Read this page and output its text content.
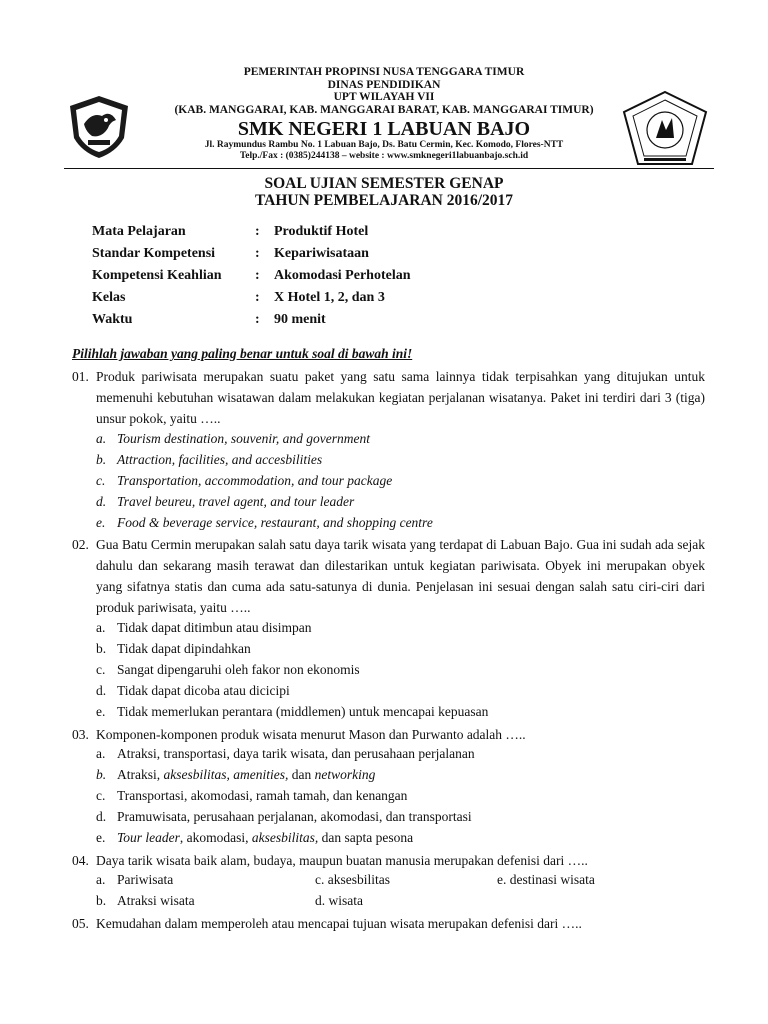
PEMERINTAH PROPINSI NUSA TENGGARA TIMUR
DINAS PENDIDIKAN
UPT WILAYAH VII
(KAB. MANGGARAI, KAB. MANGGARAI BARAT, KAB. MANGGARAI TIMUR)
SMK NEGERI 1 LABUAN BAJO
Jl. Raymundus Rambu No. 1 Labuan Bajo, Ds. Batu Cermin, Kec. Komodo, Flores-NTT
Telp./Fax : (0385)244138 – website : www.smknegeri1labuanbajo.sch.id
SOAL UJIAN SEMESTER GENAP
TAHUN PEMBELAJARAN 2016/2017
Mata Pelajaran	: Produktif Hotel
Standar Kompetensi	: Kepariwisataan
Kompetensi Keahlian : Akomodasi Perhotelan
Kelas	: X Hotel 1, 2, dan 3
Waktu	: 90 menit
Pilihlah jawaban yang paling benar untuk soal di bawah ini!
01. Produk pariwisata merupakan suatu paket yang satu sama lainnya tidak terpisahkan yang ditujukan untuk memenuhi kebutuhan wisatawan dalam melakukan kegiatan perjalanan wisatanya. Paket ini terdiri dari 3 (tiga) unsur pokok, yaitu …..
a. Tourism destination, souvenir, and government
b. Attraction, facilities, and accesbilities
c. Transportation, accommodation, and tour package
d. Travel beureu, travel agent, and tour leader
e. Food & beverage service, restaurant, and shopping centre
02. Gua Batu Cermin merupakan salah satu daya tarik wisata yang terdapat di Labuan Bajo. Gua ini sudah ada sejak dahulu dan sekarang masih terawat dan dilestarikan untuk kegiatan pariwisata. Obyek ini merupakan obyek yang sifatnya statis dan cuma ada satu-satunya di dunia. Penjelasan ini sesuai dengan salah satu ciri-ciri dari produk pariwisata, yaitu …..
a. Tidak dapat ditimbun atau disimpan
b. Tidak dapat dipindahkan
c. Sangat dipengaruhi oleh fakor non ekonomis
d. Tidak dapat dicoba atau dicicipi
e. Tidak memerlukan perantara (middlemen) untuk mencapai kepuasan
03. Komponen-komponen produk wisata menurut Mason dan Purwanto adalah …..
a. Atraksi, transportasi, daya tarik wisata, dan perusahaan perjalanan
b. Atraksi, aksesbilitas, amenities, dan networking
c. Transportasi, akomodasi, ramah tamah, dan kenangan
d. Pramuwisata, perusahaan perjalanan, akomodasi, dan transportasi
e. Tour leader, akomodasi, aksesbilitas, dan sapta pesona
04. Daya tarik wisata baik alam, budaya, maupun buatan manusia merupakan defenisi dari …..
a. Pariwisata	c. aksesbilitas	e. destinasi wisata
b. Atraksi wisata	d. wisata
05. Kemudahan dalam memperoleh atau mencapai tujuan wisata merupakan defenisi dari …..
